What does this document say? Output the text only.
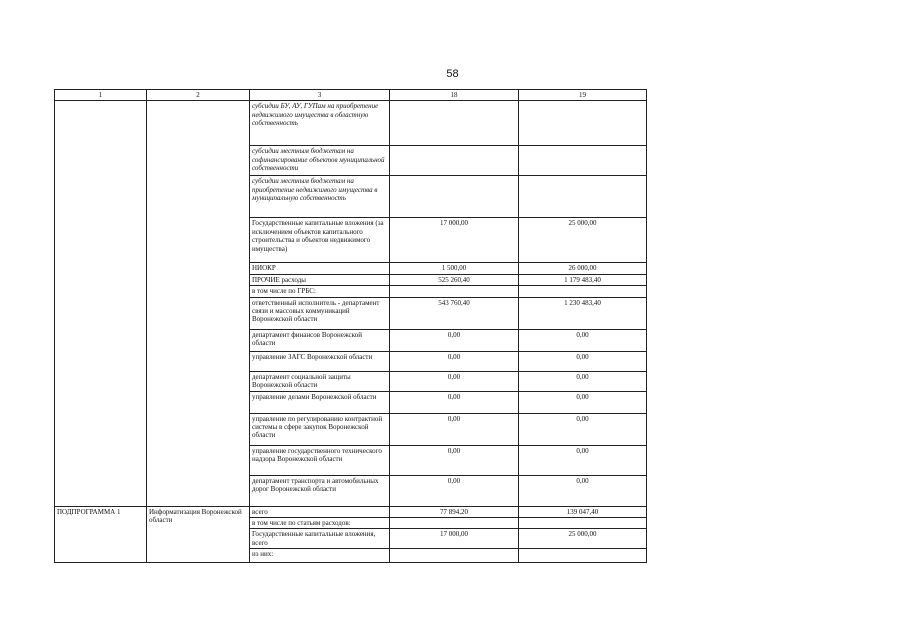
58
1	2	3	18	19
		субсидии БУ, АУ, ГУПам на приобретение недвижимого имущества в областную собственность		
		субсидии местным бюджетам на софинансирование объектов муниципальной собственности		
		субсидии местным бюджетам на приобретение недвижимого имущества в муниципальную собственность		
		Государственные капитальные вложения (за исключением объектов капитального строительства и объектов недвижимого имущества)	17 000,00	25 000,00
		НИОКР	1 500,00	26 000,00
		ПРОЧИЕ расходы	525 260,40	1 179 483,40
		в том числе по ГРБС:		
		ответственный исполнитель - департамент связи и массовых коммуникаций Воронежской области	543 760,40	1 230 483,40
		департамент финансов Воронежской области	0,00	0,00
		управление ЗАГС Воронежской области	0,00	0,00
		департамент социальной защиты Воронежской области	0,00	0,00
		управление делами Воронежской области	0,00	0,00
		управление по регулированию контрактной системы в сфере закупок Воронежской области	0,00	0,00
		управление государственного технического надзора Воронежской области	0,00	0,00
		департамент транспорта и автомобильных дорог Воронежской области	0,00	0,00
ПОДПРОГРАММА 1	Информатизация Воронежской области	всего	77 894,20	139 047,40
		в том числе по статьям расходов:		
		Государственные капитальные вложения, всего	17 000,00	25 000,00
		из них:		
